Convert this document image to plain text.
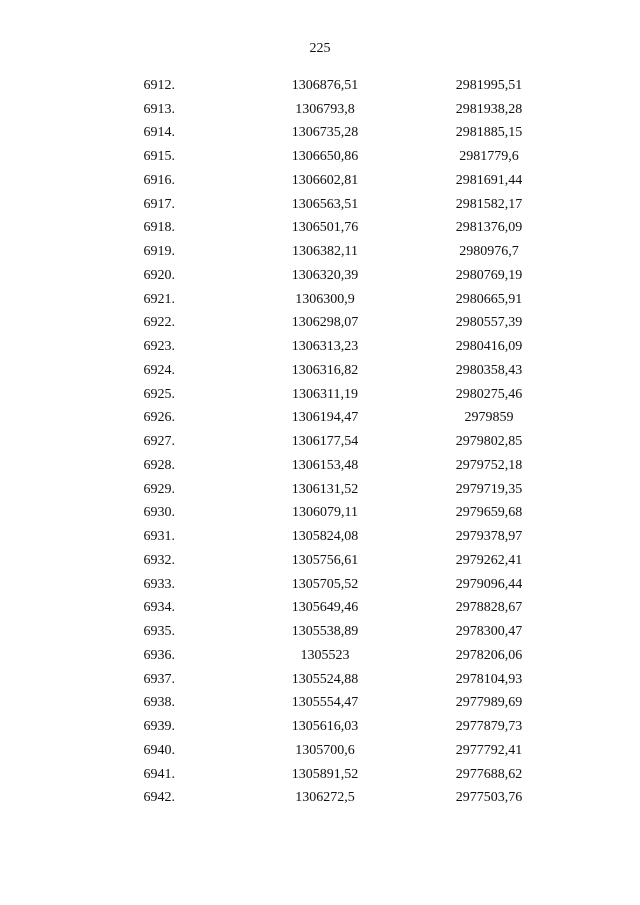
225
6912.	1306876,51	2981995,51	
6913.	1306793,8	2981938,28	
6914.	1306735,28	2981885,15	
6915.	1306650,86	2981779,6	
6916.	1306602,81	2981691,44	
6917.	1306563,51	2981582,17	
6918.	1306501,76	2981376,09	
6919.	1306382,11	2980976,7	
6920.	1306320,39	2980769,19	
6921.	1306300,9	2980665,91	
6922.	1306298,07	2980557,39	
6923.	1306313,23	2980416,09	
6924.	1306316,82	2980358,43	
6925.	1306311,19	2980275,46	
6926.	1306194,47	2979859	
6927.	1306177,54	2979802,85	
6928.	1306153,48	2979752,18	
6929.	1306131,52	2979719,35	
6930.	1306079,11	2979659,68	
6931.	1305824,08	2979378,97	
6932.	1305756,61	2979262,41	
6933.	1305705,52	2979096,44	
6934.	1305649,46	2978828,67	
6935.	1305538,89	2978300,47	
6936.	1305523	2978206,06	
6937.	1305524,88	2978104,93	
6938.	1305554,47	2977989,69	
6939.	1305616,03	2977879,73	
6940.	1305700,6	2977792,41	
6941.	1305891,52	2977688,62	
6942.	1306272,5	2977503,76	
